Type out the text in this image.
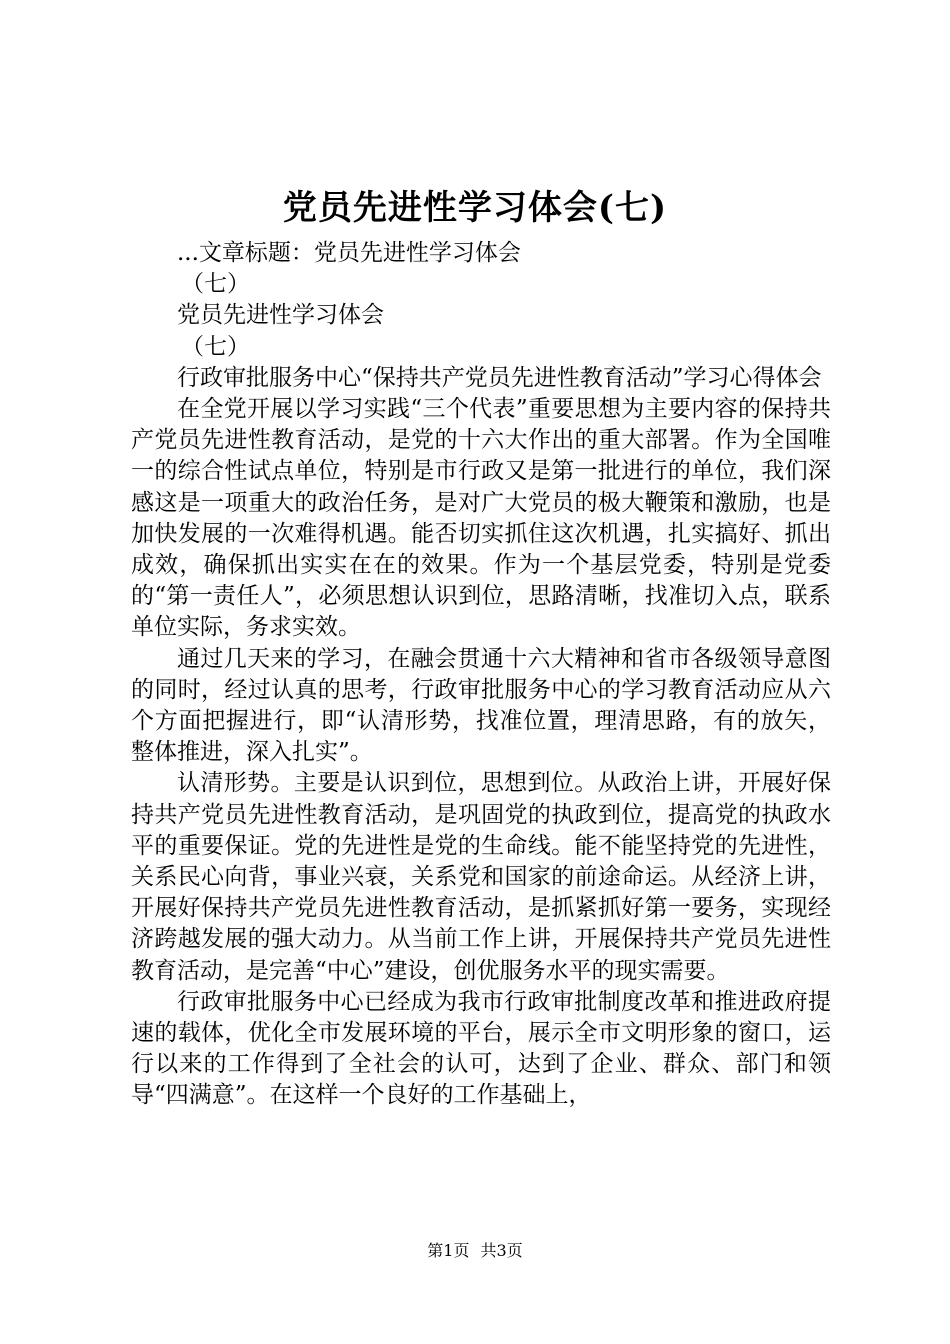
党员先进性学习体会(七)

...文章标题：党员先进性学习体会

（七）

党员先进性学习体会

（七）

行政审批服务中心“保持共产党员先进性教育活动”学习心得体会

在全党开展以学习实践“三个代表”重要思想为主要内容的保持共产党员先进性教育活动，是党的十六大作出的重大部署。作为全国唯一的综合性试点单位，特别是市行政又是第一批进行的单位，我们深感这是一项重大的政治任务，是对广大党员的极大鞭策和激励，也是加快发展的一次难得机遇。能否切实抓住这次机遇，扎实搞好、抓出成效，确保抓出实实在在的效果。作为一个基层党委，特别是党委的“第一责任人”，必须思想认识到位，思路清晰，找准切入点，联系单位实际，务求实效。

通过几天来的学习，在融会贯通十六大精神和省市各级领导意图的同时，经过认真的思考，行政审批服务中心的学习教育活动应从六个方面把握进行，即“认清形势，找准位置，理清思路，有的放矢，整体推进，深入扎实”。

认清形势。主要是认识到位，思想到位。从政治上讲，开展好保持共产党员先进性教育活动，是巩固党的执政到位，提高党的执政水平的重要保证。党的先进性是党的生命线。能不能坚持党的先进性，关系民心向背，事业兴衰，关系党和国家的前途命运。从经济上讲，开展好保持共产党员先进性教育活动，是抓紧抓好第一要务，实现经济跨越发展的强大动力。从当前工作上讲，开展保持共产党员先进性教育活动，是完善“中心”建设，创优服务水平的现实需要。

行政审批服务中心已经成为我市行政审批制度改革和推进政府提速的载体，优化全市发展环境的平台，展示全市文明形象的窗口，运行以来的工作得到了全社会的认可，达到了企业、群众、部门和领导“四满意”。在这样一个良好的工作基础上，

第1页 共3页
